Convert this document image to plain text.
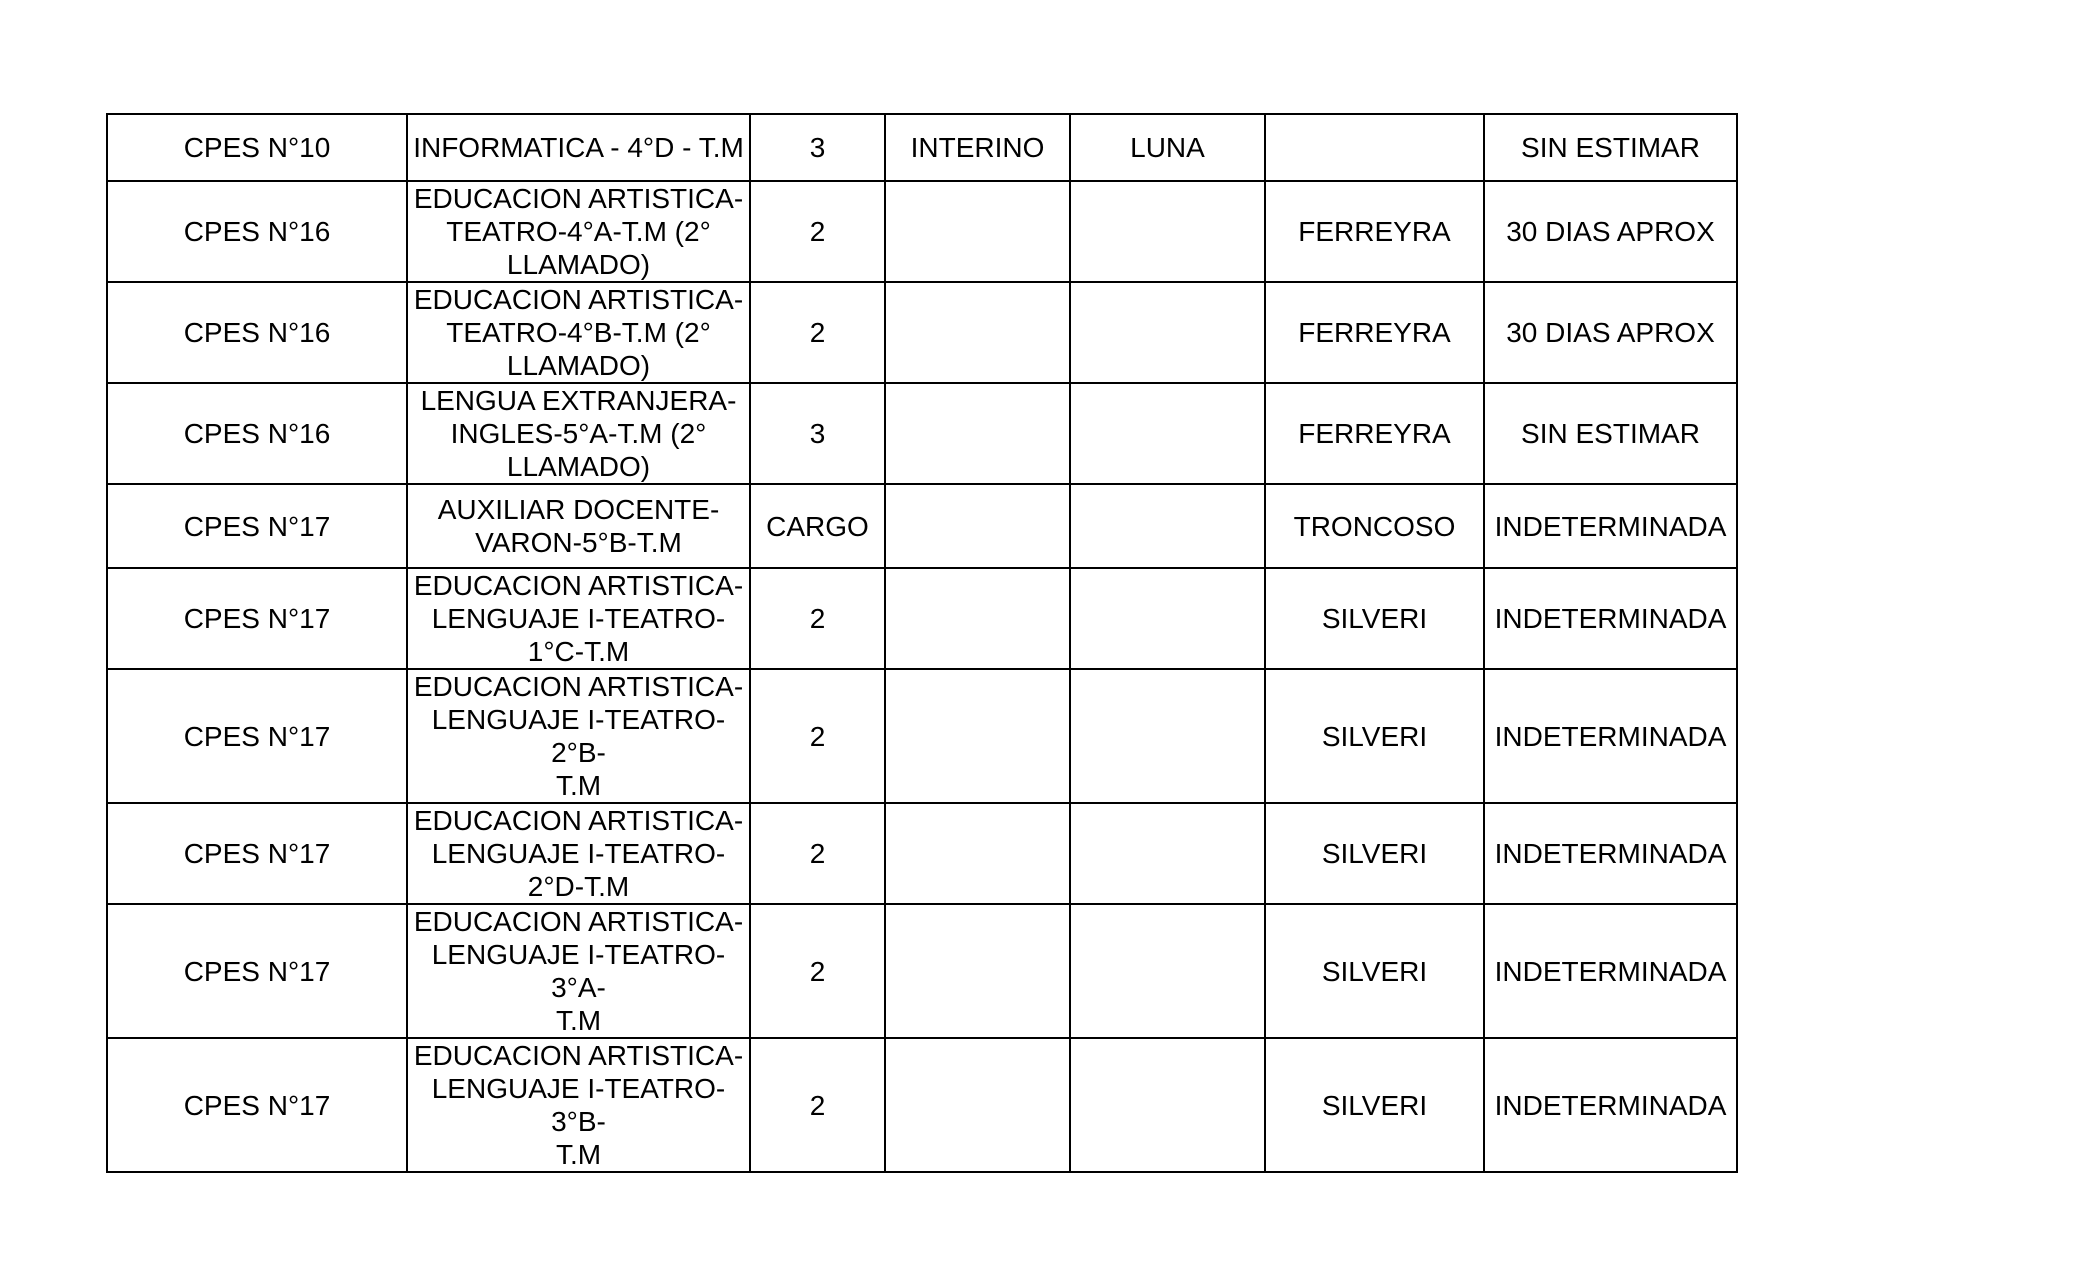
CPES N°10	INFORMATICA - 4°D - T.M	3	INTERINO	LUNA		SIN ESTIMAR
CPES N°16	EDUCACION ARTISTICA-
TEATRO-4°A-T.M (2°
LLAMADO)	2			FERREYRA	30 DIAS APROX
CPES N°16	EDUCACION ARTISTICA-
TEATRO-4°B-T.M (2°
LLAMADO)	2			FERREYRA	30 DIAS APROX
CPES N°16	LENGUA EXTRANJERA-
INGLES-5°A-T.M (2°
LLAMADO)	3			FERREYRA	SIN ESTIMAR
CPES N°17	AUXILIAR DOCENTE-
VARON-5°B-T.M	CARGO			TRONCOSO	INDETERMINADA
CPES N°17	EDUCACION ARTISTICA-
LENGUAJE I-TEATRO-
1°C-T.M	2			SILVERI	INDETERMINADA
CPES N°17	EDUCACION ARTISTICA-
LENGUAJE I-TEATRO-2°B-
T.M	2			SILVERI	INDETERMINADA
CPES N°17	EDUCACION ARTISTICA-
LENGUAJE I-TEATRO-
2°D-T.M	2			SILVERI	INDETERMINADA
CPES N°17	EDUCACION ARTISTICA-
LENGUAJE I-TEATRO-3°A-
T.M	2			SILVERI	INDETERMINADA
CPES N°17	EDUCACION ARTISTICA-
LENGUAJE I-TEATRO-3°B-
T.M	2			SILVERI	INDETERMINADA
